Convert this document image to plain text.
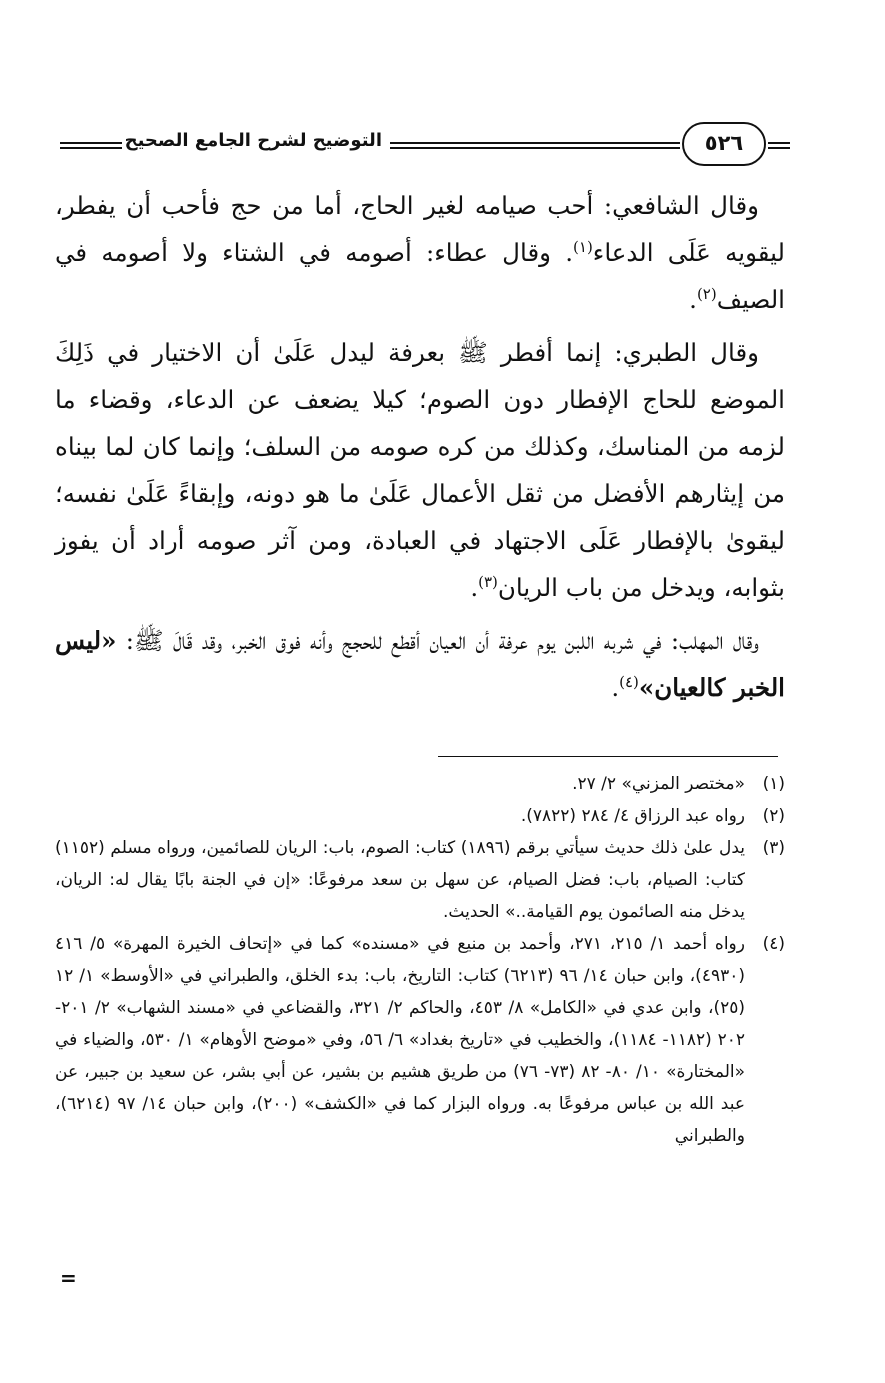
التوضيح لشرح الجامع الصحيح	٥٢٦

وقال الشافعي: أحب صيامه لغير الحاج، أما من حج فأحب أن يفطر، ليقويه عَلَى الدعاء$^{(١)}$. وقال عطاء: أصومه في الشتاء ولا أصومه في الصيف$^{(٢)}$.

وقال الطبري: إنما أفطر ﷺ بعرفة ليدل عَلَىٰ أن الاختيار في ذَلِكَ الموضع للحاج الإفطار دون الصوم؛ كيلا يضعف عن الدعاء، وقضاء ما لزمه من المناسك، وكذلك من كره صومه من السلف؛ وإنما كان لما بيناه من إيثارهم الأفضل من ثقل الأعمال عَلَىٰ ما هو دونه، وإبقاءً عَلَىٰ نفسه؛ ليقوىٰ بالإفطار عَلَى الاجتهاد في العبادة، ومن آثر صومه أراد أن يفوز بثوابه، ويدخل من باب الريان$^{(٣)}$.

وقال المهلب: في شربه اللبن يوم عرفة أن العيان أقطع للحجج وأنه فوق الخبر، وقد قَالَ ﷺ: «ليس الخبر كالعيان»$^{(٤)}$.

(١)
«مختصر المزني» ٢/ ٢٧.
(٢)
رواه عبد الرزاق ٤/ ٢٨٤ (٧٨٢٢).
(٣)
يدل علىٰ ذلك حديث سيأتي برقم (١٨٩٦) كتاب: الصوم، باب: الريان للصائمين، ورواه مسلم (١١٥٢) كتاب: الصيام، باب: فضل الصيام، عن سهل بن سعد مرفوعًا: «إن في الجنة بابًا يقال له: الريان، يدخل منه الصائمون يوم القيامة..» الحديث.
(٤)
رواه أحمد ١/ ٢١٥، ٢٧١، وأحمد بن منيع في «مسنده» كما في «إتحاف الخيرة المهرة» ٥/ ٤١٦ (٤٩٣٠)، وابن حبان ١٤/ ٩٦ (٦٢١٣) كتاب: التاريخ، باب: بدء الخلق، والطبراني في «الأوسط» ١/ ١٢ (٢٥)، وابن عدي في «الكامل» ٨/ ٤٥٣، والحاكم ٢/ ٣٢١، والقضاعي في «مسند الشهاب» ٢/ ٢٠١- ٢٠٢ (١١٨٢- ١١٨٤)، والخطيب في «تاريخ بغداد» ٦/ ٥٦، وفي «موضح الأوهام» ١/ ٥٣٠، والضياء في «المختارة» ١٠/ ٨٠- ٨٢ (٧٣- ٧٦) من طريق هشيم بن بشير، عن أبي بشر، عن سعيد بن جبير، عن عبد الله بن عباس مرفوعًا به. ورواه البزار كما في «الكشف» (٢٠٠)، وابن حبان ١٤/ ٩٧ (٦٢١٤)، والطبراني
=
